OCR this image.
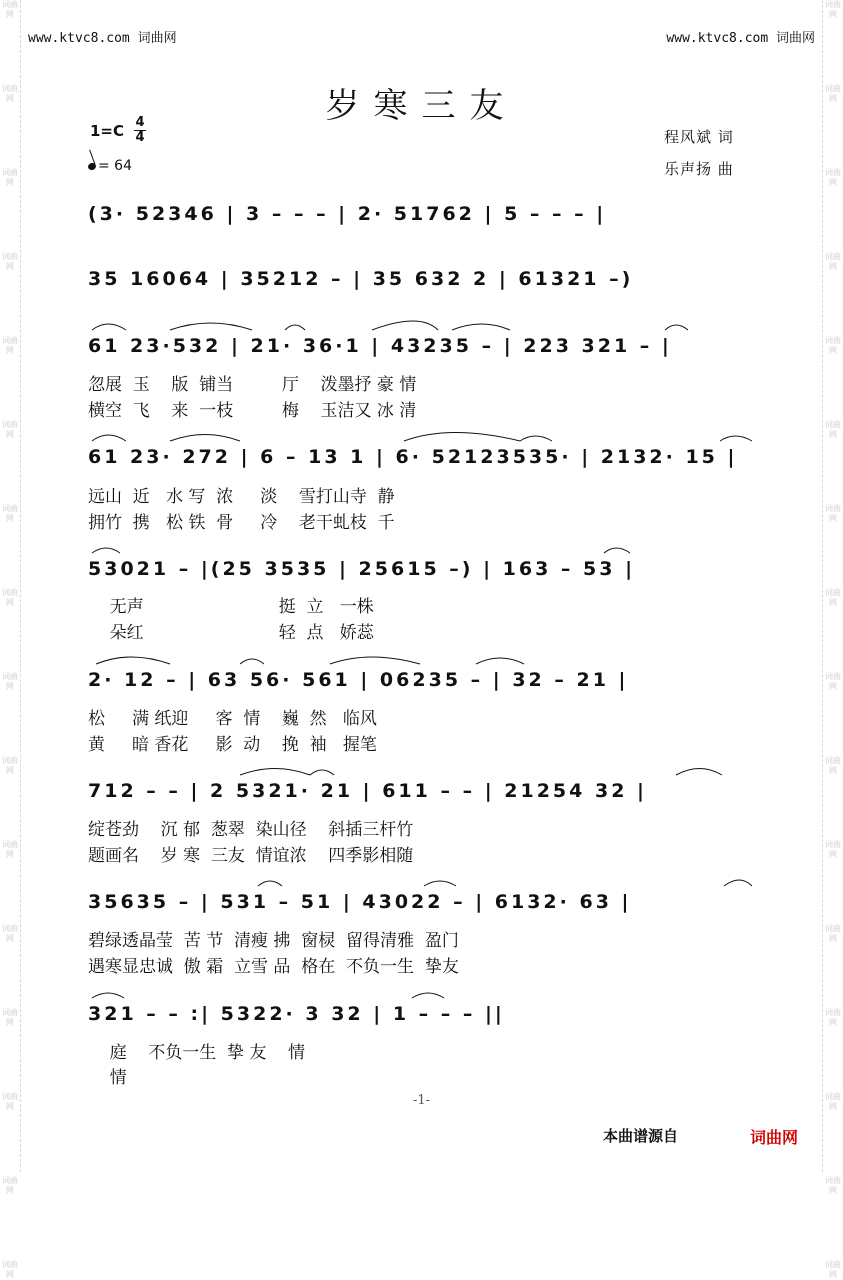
词曲网
词曲网
词曲网
词曲网
词曲网
词曲网
词曲网
词曲网
词曲网
词曲网
词曲网
词曲网
词曲网
词曲网
词曲网
词曲网
词曲网
词曲网
词曲网
词曲网
词曲网
词曲网
词曲网
词曲网
词曲网
词曲网
词曲网
词曲网
词曲网
词曲网
词曲网
词曲网
www.ktvc8.com 词曲网	www.ktvc8.com 词曲网
岁寒三友
1=C 4
4
= 64
程风斌 词
乐声扬 曲
(3· 52346 | 3 – – – | 2· 51762 | 5 – – – |
35 16064 | 35212 – | 35 632 2 | 61321 –)
61 23·532 | 21· 36·1 | 43235 – | 223 321 – |
忽展  玉    版  铺当         厅    泼墨抒 豪 情
横空  飞    来  一枝         梅    玉洁又 冰 清
61 23· 272 | 6 – 13 1 | 6· 52123535· | 2132· 15 |
远山  近   水 写  浓     淡    雪打山寺  静
拥竹  携   松 铁  骨     冷    老干虬枝  千
53021 – |(25 3535 | 25615 –) | 163 – 53 |
无声                         挺  立   一株
朵红                         轻  点   娇蕊
2· 12 – | 63 56· 561 | 06235 – | 32 – 21 |
松     满 纸迎     客  情    巍  然   临风
黄     暗 香花     影  动    挽  袖   握笔
712 – – | 2 5321· 21 | 611 – – | 21254 32 |
绽苍劲    沉 郁  葱翠  染山径    斜插三杆竹
题画名    岁 寒  三友  情谊浓    四季影相随
35635 – | 531 – 51 | 43022 – | 6132· 63 |
碧绿透晶莹  苦 节  清瘦 拂  窗棂  留得清雅  盈门
遇寒显忠诚  傲 霜  立雪 品  格在  不负一生  挚友
321 – – :| 5322· 3 32 | 1 – – – ||
庭    不负一生  挚 友    情
情
-1-
本曲谱源自	词曲网
